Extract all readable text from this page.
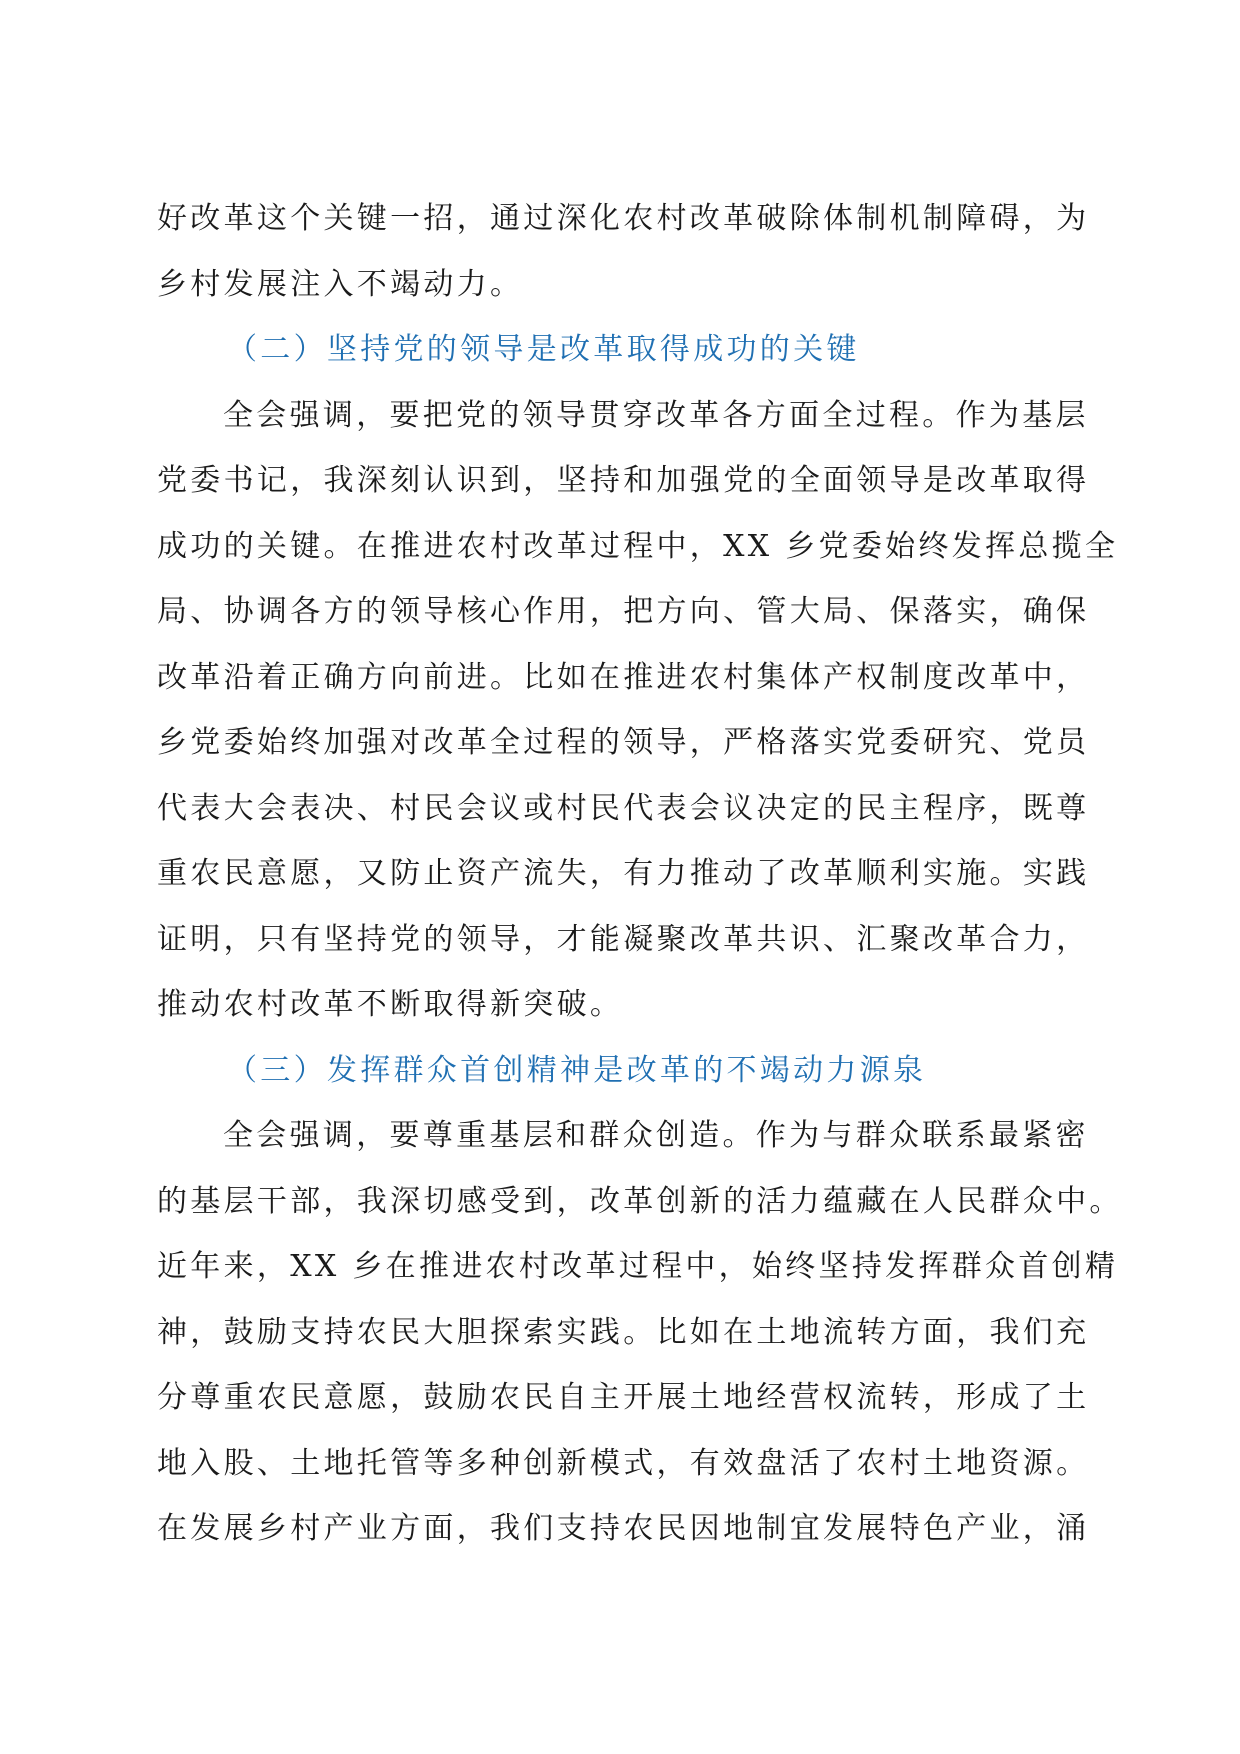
好改革这个关键一招，通过深化农村改革破除体制机制障碍，为
乡村发展注入不竭动力。
（二）坚持党的领导是改革取得成功的关键
全会强调，要把党的领导贯穿改革各方面全过程。作为基层
党委书记，我深刻认识到，坚持和加强党的全面领导是改革取得
成功的关键。在推进农村改革过程中，XX 乡党委始终发挥总揽全
局、协调各方的领导核心作用，把方向、管大局、保落实，确保
改革沿着正确方向前进。比如在推进农村集体产权制度改革中，
乡党委始终加强对改革全过程的领导，严格落实党委研究、党员
代表大会表决、村民会议或村民代表会议决定的民主程序，既尊
重农民意愿，又防止资产流失，有力推动了改革顺利实施。实践
证明，只有坚持党的领导，才能凝聚改革共识、汇聚改革合力，
推动农村改革不断取得新突破。
（三）发挥群众首创精神是改革的不竭动力源泉
全会强调，要尊重基层和群众创造。作为与群众联系最紧密
的基层干部，我深切感受到，改革创新的活力蕴藏在人民群众中。
近年来，XX 乡在推进农村改革过程中，始终坚持发挥群众首创精
神，鼓励支持农民大胆探索实践。比如在土地流转方面，我们充
分尊重农民意愿，鼓励农民自主开展土地经营权流转，形成了土
地入股、土地托管等多种创新模式，有效盘活了农村土地资源。
在发展乡村产业方面，我们支持农民因地制宜发展特色产业，涌
